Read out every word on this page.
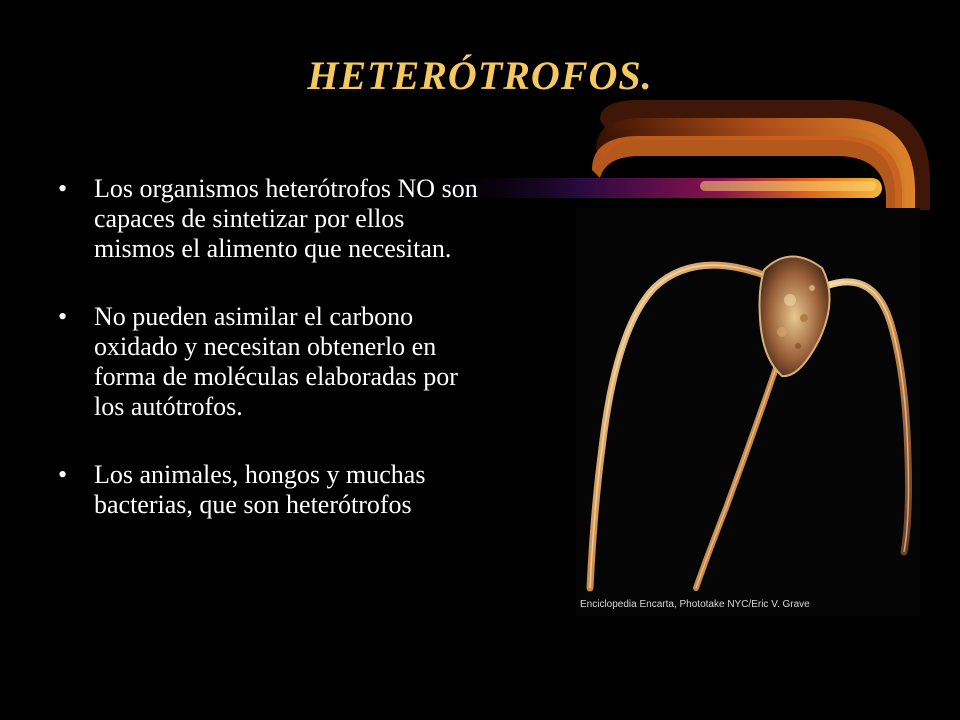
HETERÓTROFOS.
• Los organismos heterótrofos NO son capaces de sintetizar por ellos mismos el alimento que necesitan.
• No pueden asimilar el carbono oxidado y necesitan obtenerlo en forma de moléculas elaboradas por los autótrofos.
• Los animales, hongos y muchas bacterias, que son heterótrofos
Enciclopedia Encarta, Phototake NYC/Eric V. Grave
